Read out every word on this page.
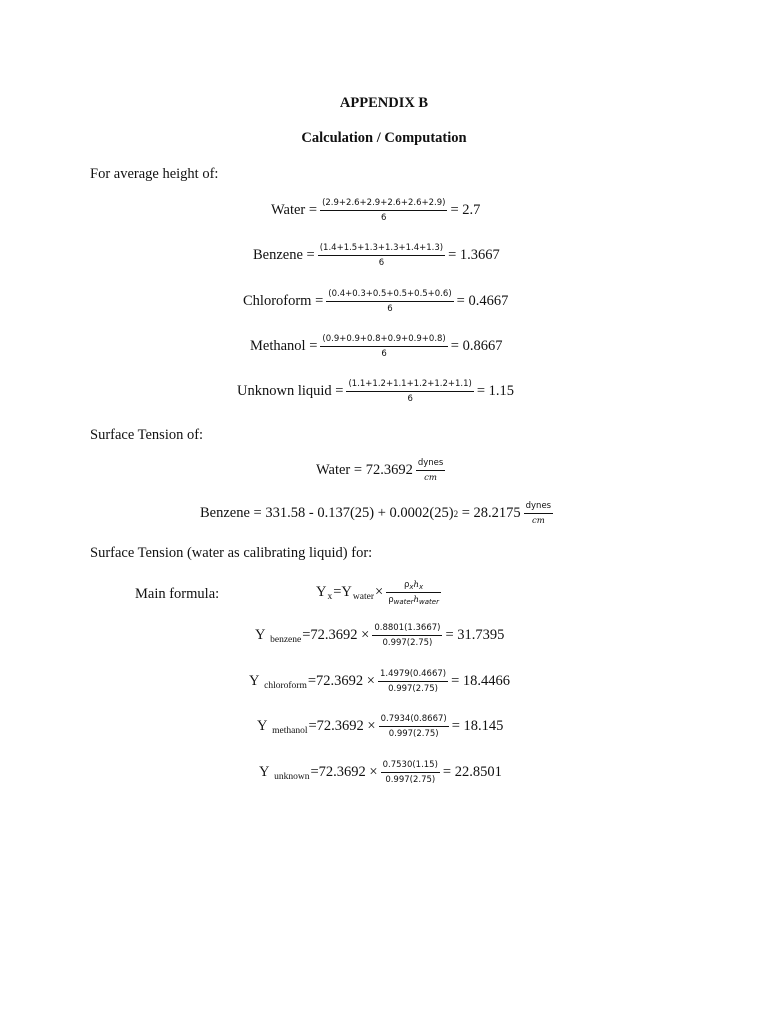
APPENDIX B
Calculation / Computation
For average height of:
Water = $\frac{(2.9+2.6+2.9+2.6+2.6+2.9)}{6} = 2.7$
Benzene = $\frac{(1.4+1.5+1.3+1.3+1.4+1.3)}{6} = 1.3667$
Chloroform = $\frac{(0.4+0.3+0.5+0.5+0.5+0.6)}{6} = 0.4667$
Methanol = $\frac{(0.9+0.9+0.8+0.9+0.9+0.8)}{6} = 0.8667$
Unknown liquid = $\frac{(1.1+1.2+1.1+1.2+1.2+1.1)}{6} = 1.15$
Surface Tension of:
Water = $72.3692 \frac{\text{dynes}}{cm}$
Benzene = 331.58 - 0.137(25) + 0.0002(25) $2 = 28.2175 \frac{\text{dynes}}{cm}$
Surface Tension (water as calibrating liquid) for:
Main formula:	Y x =Y water × $\frac{\rho_xh_x}{\rho_{water}h_{water}}$
Y
benzene =72.3692
× $\frac{0.8801(1.3667)}{0.997(2.75)} = 31.7395$
Y
chloroform =72.3692
× $\frac{1.4979(0.4667)}{0.997(2.75)} = 18.4466$
Y
methanol =72.3692
× $\frac{0.7934(0.8667)}{0.997(2.75)} = 18.145$
Y
unknown =72.3692
× $\frac{0.7530(1.15)}{0.997(2.75)} = 22.8501$
